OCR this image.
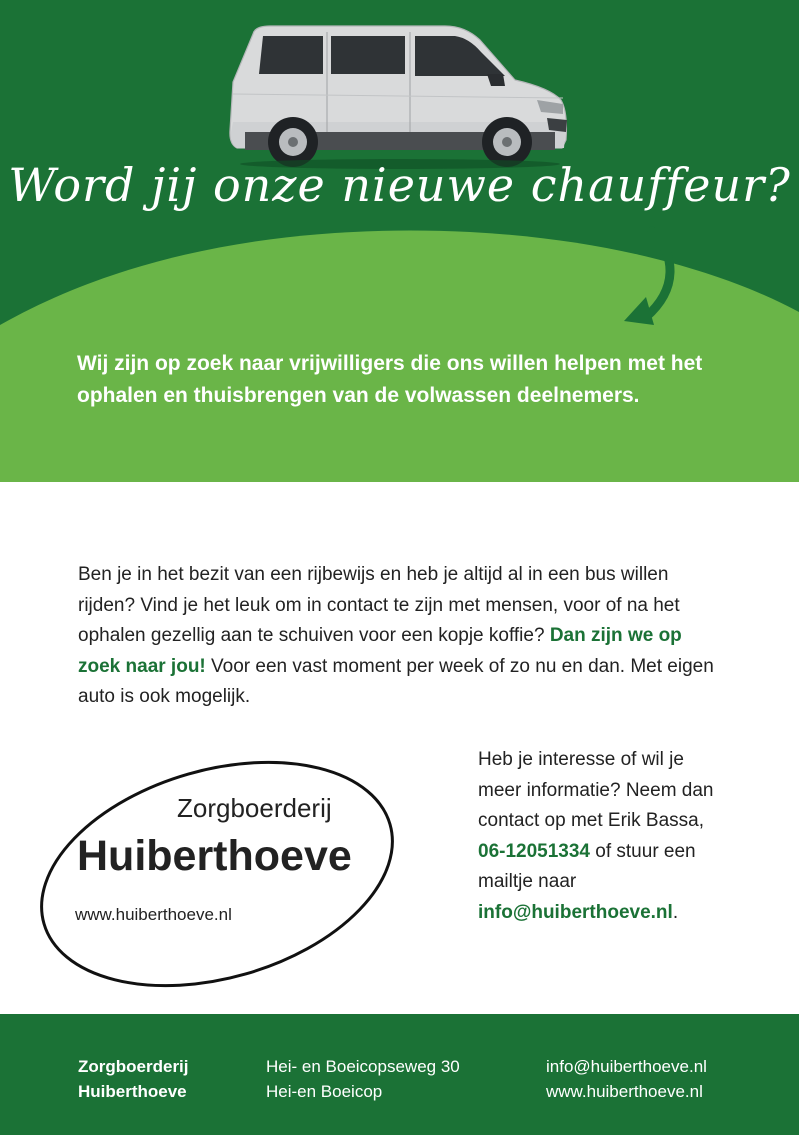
Word jij onze nieuwe chauffeur?

Wij zijn op zoek naar vrijwilligers die ons willen helpen met het ophalen en thuisbrengen van de volwassen deelnemers.

Ben je in het bezit van een rijbewijs en heb je altijd al in een bus willen rijden? Vind je het leuk om in contact te zijn met mensen, voor of na het ophalen gezellig aan te schuiven voor een kopje koffie? Dan zijn we op zoek naar jou! Voor een vast moment per week of zo nu en dan. Met eigen auto is ook mogelijk.

Zorgboerderij

Huiberthoeve

www.huiberthoeve.nl

Heb je interesse of wil je meer informatie? Neem dan contact op met Erik Bassa, 06-12051334 of stuur een mailtje naar info@huiberthoeve.nl.

Zorgboerderij
Huiberthoeve
Hei- en Boeicopseweg 30
Hei-en Boeicop
info@huiberthoeve.nl
www.huiberthoeve.nl
